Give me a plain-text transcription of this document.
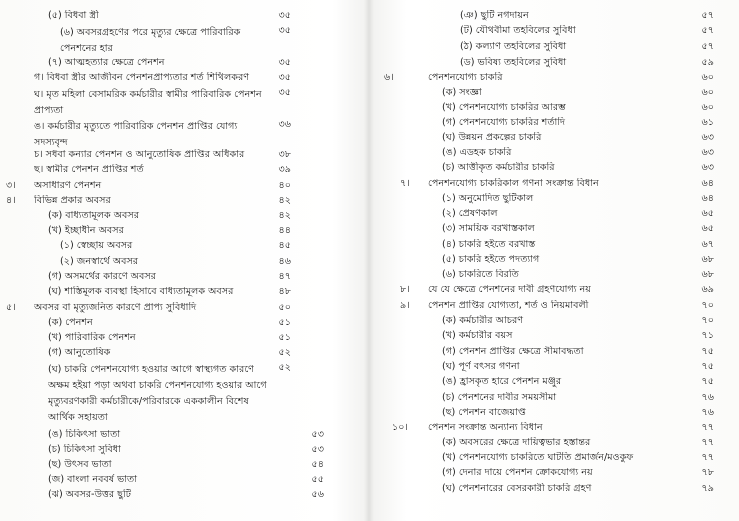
(৫) বিধবা স্ত্রী	৩৫
(৬) অবসরগ্রহণের পরে মৃত্যুর ক্ষেত্রে পারিবারিক পেনশনের হার
৩৫
(৭) আত্মহত্যার ক্ষেত্রে পেনশন	৩৫
গ। বিধবা স্ত্রীর আজীবন পেনশনপ্রাপ্যতার শর্ত শিথিলকরণ	৩৫
ঘ। মৃত মহিলা বেসামরিক কর্মচারীর স্বামীর পারিবারিক পেনশন প্রাপ্যতা
৩৫
ঙ। কর্মচারীর মৃত্যুতে পারিবারিক পেনশন প্রাপ্তির যোগ্য সদস্যবৃন্দ
৩৬
চ। সধবা কন্যার পেনশন ও আনুতোষিক প্রাপ্তির অধিকার	৩৮
ছ। স্বামীর পেনশন প্রাপ্তির শর্ত	৩৯
৩। অসাধারণ পেনশন	৪০
৪। বিভিন্ন প্রকার অবসর	৪২
(ক) বাধ্যতামূলক অবসর	৪২
(খ) ইচ্ছাধীন অবসর	৪৪
(১) স্বেচ্ছায় অবসর	৪৫
(২) জনস্বার্থে অবসর	৪৬
(গ) অসমর্থের কারণে অবসর	৪৭
(ঘ) শাস্তিমূলক ব্যবস্থা হিসাবে বাধ্যতামূলক অবসর	৪৮
৫। অবসর বা মৃত্যুজনিত কারণে প্রাপ্য সুবিধাদি	৫০
(ক) পেনশন	৫১
(খ) পারিবারিক পেনশন	৫১
(গ) আনুতোষিক	৫২
(ঘ) চাকরি পেনশনযোগ্য হওয়ার আগে স্বাস্থ্যগত কারণে অক্ষম হইয়া পড়া অথবা চাকরি পেনশনযোগ্য হওয়ার আগে মৃত্যুবরণকারী কর্মচারীকে/পরিবারকে এককালীন বিশেষ আর্থিক সহায়তা
৫২
(ঙ) চিকিৎসা ভাতা	৫৩
(চ) চিকিৎসা সুবিধা	৫৩
(ছ) উৎসব ভাতা	৫৪
(জ) বাংলা নববর্ষ ভাতা	৫৫
(ঝ) অবসর-উত্তর ছুটি	৫৬
(ঞ) ছুটি নগদায়ন	৫৭
(ট) যৌথবীমা তহবিলের সুবিধা	৫৭
(ঠ) কল্যাণ তহবিলের সুবিধা	৫৭
(ড) ভবিষ্য তহবিলের সুবিধা	৫৯
৬।	পেনশনযোগ্য চাকরি	৬০
(ক) সংজ্ঞা	৬০
(খ) পেনশনযোগ্য চাকরির আরম্ভ	৬০
(গ) পেনশনযোগ্য চাকরির শর্তাদি	৬১
(ঘ) উন্নয়ন প্রকল্পের চাকরি	৬৩
(ঙ) এডহক চাকরি	৬৩
(চ) আত্তীকৃত কর্মচারীর চাকরি	৬৩
৭। পেনশনযোগ্য চাকরিকাল গণনা সংক্রান্ত বিধান	৬৪
(১) অনুমোদিত ছুটিকাল	৬৪
(২) প্রেষণকাল	৬৫
(৩) সাময়িক বরখাস্তকাল	৬৫
(৪) চাকরি হইতে বরখাস্ত	৬৭
(৫) চাকরি হইতে পদত্যাগ	৬৮
(৬) চাকরিতে বিরতি	৬৮
৮। যে যে ক্ষেত্রে পেনশনের দাবী গ্রহণযোগ্য নয়	৬৯
৯। পেনশন প্রাপ্তির যোগ্যতা, শর্ত ও নিয়মাবলী	৭০
(ক) কর্মচারীর আচরণ	৭০
(খ) কর্মচারীর বয়স	৭১
(গ) পেনশন প্রাপ্তির ক্ষেত্রে সীমাবদ্ধতা	৭৫
(ঘ) পূর্ণ বৎসর গণনা	৭৫
(ঙ) হ্রাসকৃত হারে পেনশন মঞ্জুর	৭৫
(চ) পেনশনের দাবীর সময়সীমা	৭৬
(ছ) পেনশন বাজেয়াপ্ত	৭৬
১০। পেনশন সংক্রান্ত অন্যান্য বিধান	৭৭
(ক) অবসরের ক্ষেত্রে দায়িত্বভার হস্তান্তর	৭৭
(খ) পেনশনযোগ্য চাকরিতে ঘাটতি প্রমার্জন/মওকুফ	৭৭
(গ) দেনার দায়ে পেনশন ক্রোকযোগ্য নয়	৭৮
(ঘ) পেনশনারের বেসরকারী চাকরি গ্রহণ	৭৯
